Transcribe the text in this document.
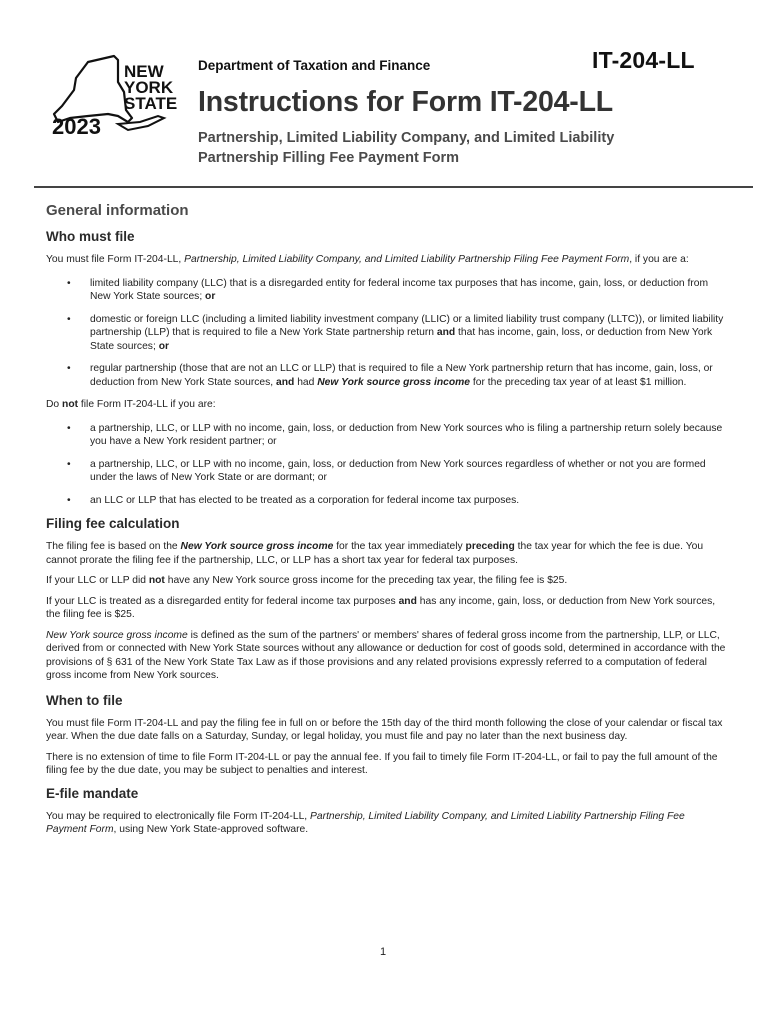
NEW
YORK
STATE
2023
Department of Taxation and Finance	IT-204-LL
Instructions for Form IT-204-LL
Partnership, Limited Liability Company, and Limited Liability
Partnership Filling Fee Payment Form
General information
Who must file

You must file Form IT-204-LL, Partnership, Limited Liability Company, and Limited Liability Partnership Filing Fee Payment Form, if you are a:

• limited liability company (LLC) that is a disregarded entity for federal income tax purposes that has income, gain, loss, or deduction from New York State sources; or
• domestic or foreign LLC (including a limited liability investment company (LLIC) or a limited liability trust company (LLTC)), or limited liability partnership (LLP) that is required to file a New York State partnership return and that has income, gain, loss, or deduction from New York State sources; or
• regular partnership (those that are not an LLC or LLP) that is required to file a New York partnership return that has income, gain, loss, or deduction from New York State sources, and had New York source gross income for the preceding tax year of at least $1 million.

Do not file Form IT-204-LL if you are:

• a partnership, LLC, or LLP with no income, gain, loss, or deduction from New York sources who is filing a partnership return solely because you have a New York resident partner; or
• a partnership, LLC, or LLP with no income, gain, loss, or deduction from New York sources regardless of whether or not you are formed under the laws of New York State or are dormant; or
• an LLC or LLP that has elected to be treated as a corporation for federal income tax purposes.
Filing fee calculation

The filing fee is based on the New York source gross income for the tax year immediately preceding the tax year for which the fee is due. You cannot prorate the filing fee if the partnership, LLC, or LLP has a short tax year for federal tax purposes.

If your LLC or LLP did not have any New York source gross income for the preceding tax year, the filing fee is $25.

If your LLC is treated as a disregarded entity for federal income tax purposes and has any income, gain, loss, or deduction from New York sources, the filing fee is $25.

New York source gross income is defined as the sum of the partners' or members' shares of federal gross income from the partnership, LLP, or LLC, derived from or connected with New York State sources without any allowance or deduction for cost of goods sold, determined in accordance with the provisions of § 631 of the New York State Tax Law as if those provisions and any related provisions expressly referred to a computation of federal gross income from New York sources.

When to file

You must file Form IT-204-LL and pay the filing fee in full on or before the 15th day of the third month following the close of your calendar or fiscal tax year. When the due date falls on a Saturday, Sunday, or legal holiday, you must file and pay no later than the next business day.

There is no extension of time to file Form IT-204-LL or pay the annual fee. If you fail to timely file Form IT-204-LL, or fail to pay the full amount of the filing fee by the due date, you may be subject to penalties and interest.

E-file mandate

You may be required to electronically file Form IT-204-LL, Partnership, Limited Liability Company, and Limited Liability Partnership Filing Fee Payment Form, using New York State-approved software.

1
